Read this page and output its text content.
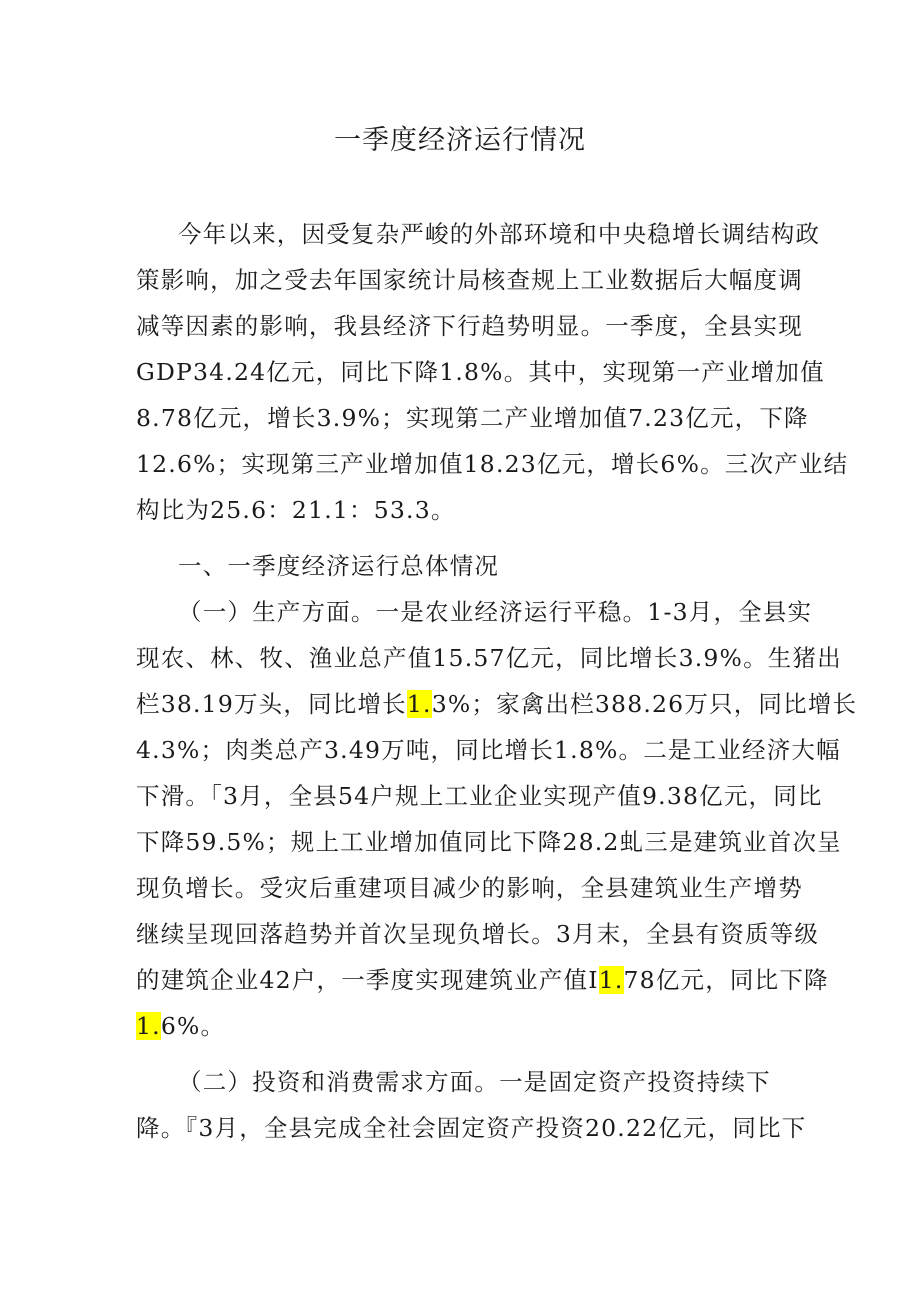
一季度经济运行情况
今年以来，因受复杂严峻的外部环境和中央稳增长调结构政
策影响，加之受去年国家统计局核查规上工业数据后大幅度调
减等因素的影响，我县经济下行趋势明显。一季度，全县实现
GDP34.24亿元，同比下降1.8%。其中，实现第一产业增加值
8.78亿元，增长3.9%；实现第二产业增加值7.23亿元，下降
12.6%；实现第三产业增加值18.23亿元，增长6%。三次产业结
构比为25.6：21.1：53.3。
一、一季度经济运行总体情况
（一）生产方面。一是农业经济运行平稳。1-3月，全县实
现农、林、牧、渔业总产值15.57亿元，同比增长3.9%。生猪出
栏38.19万头，同比增长1.3%；家禽出栏388.26万只，同比增长
4.3%；肉类总产3.49万吨，同比增长1.8%。二是工业经济大幅
下滑。「3月，全县54户规上工业企业实现产值9.38亿元，同比
下降59.5%；规上工业增加值同比下降28.2虬三是建筑业首次呈
现负增长。受灾后重建项目减少的影响，全县建筑业生产增势
继续呈现回落趋势并首次呈现负增长。3月末，全县有资质等级
的建筑企业42户，一季度实现建筑业产值I1.78亿元，同比下降
1.6%。
（二）投资和消费需求方面。一是固定资产投资持续下
降。『3月，全县完成全社会固定资产投资20.22亿元，同比下
